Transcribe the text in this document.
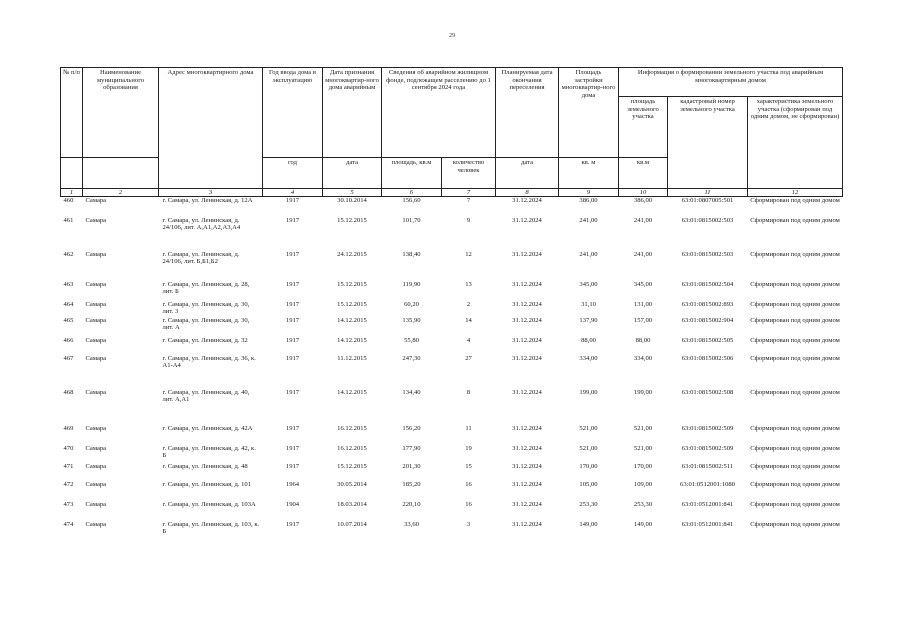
29
№ п/п	Наименование муниципального образования	Адрес многоквартирного дома	Год ввода дома в эксплуатацию	Дата признания многоквартир-ного дома аварийным	Сведения об аварийном жилищном фонде, подлежащем расселению до 1 сентября 2024 года		Планируемая дата окончания переселения	Площадь застройки многоквартир-ного дома	Информация о формировании земельного участка под аварийным многоквартирным домом		
									площадь земельного участка	кадастровый номер земельного участка	характеристика земельного участка (сформирован под одним домом, не сформирован)
			год	дата	площадь, кв.м	количество человек	дата	кв. м	кв.м		
1	2	3	4	5	6	7	8	9	10	11	12
460	Самара	г. Самара, ул. Ленинская, д. 12А	1917	30.10.2014	156,60	7	31.12.2024	386,00	386,00	63:01:0807005:501	Сформирован под одним домом
461	Самара	г. Самара, ул. Ленинская, д. 24/106, лит. А,А1,А2,А3,А4	1917	15.12.2015	101,70	9	31.12.2024	241,00	241,00	63:01:0815002:503	Сформирован под одним домом
462	Самара	г. Самара, ул. Ленинская, д. 24/106, лит. Б,Б1,Б2	1917	24.12.2015	138,40	12	31.12.2024	241,00	241,00	63:01:0815002:503	Сформирован под одним домом
463	Самара	г. Самара, ул. Ленинская, д. 28, лит. Б	1917	15.12.2015	119,90	13	31.12.2024	345,00	345,00	63:01:0815002:504	Сформирован под одним домом
464	Самара	г. Самара, ул. Ленинская, д. 30, лит. 3	1917	15.12.2015	60,20	2	31.12.2024	31,10	131,00	63:01:0815002:893	Сформирован под одним домом
465	Самара	г. Самара, ул. Ленинская, д. 30, лит. А	1917	14.12.2015	135,90	14	31.12.2024	137,90	157,00	63:01:0815002:904	Сформирован под одним домом
466	Самара	г. Самара, ул. Ленинская, д. 32	1917	14.12.2015	55,80	4	31.12.2024	88,00	88,00	63:01:0815002:505	Сформирован под одним домом
467	Самара	г. Самара, ул. Ленинская, д. 36, к. А1-А4	1917	11.12.2015	247,30	27	31.12.2024	334,00	334,00	63:01:0815002:506	Сформирован под одним домом
468	Самара	г. Самара, ул. Ленинская, д. 40, лит. А,А1	1917	14.12.2015	134,40	8	31.12.2024	199,00	199,00	63:01:0815002:508	Сформирован под одним домом
469	Самара	г. Самара, ул. Ленинская, д. 42А	1917	16.12.2015	156,20	11	31.12.2024	521,00	521,00	63:01:0815002:509	Сформирован под одним домом
470	Самара	г. Самара, ул. Ленинская, д. 42, к. Б	1917	16.12.2015	177,90	19	31.12.2024	521,00	521,00	63:01:0815002:509	Сформирован под одним домом
471	Самара	г. Самара, ул. Ленинская, д. 48	1917	15.12.2015	201,30	15	31.12.2024	170,00	170,00	63:01:0815002:511	Сформирован под одним домом
472	Самара	г. Самара, ул. Ленинская, д. 101	1964	30.05.2014	185,20	16	31.12.2024	105,00	109,00	63:01:0512001:1080	Сформирован под одним домом
473	Самара	г. Самара, ул. Ленинская, д. 103А	1904	18.03.2014	220,10	16	31.12.2024	253,30	253,30	63:01:0512001:841	Сформирован под одним домом
474	Самара	г. Самара, ул. Ленинская, д. 103, к. Б	1917	10.07.2014	33,60	3	31.12.2024	149,00	149,00	63:01:0512001:841	Сформирован под одним домом
